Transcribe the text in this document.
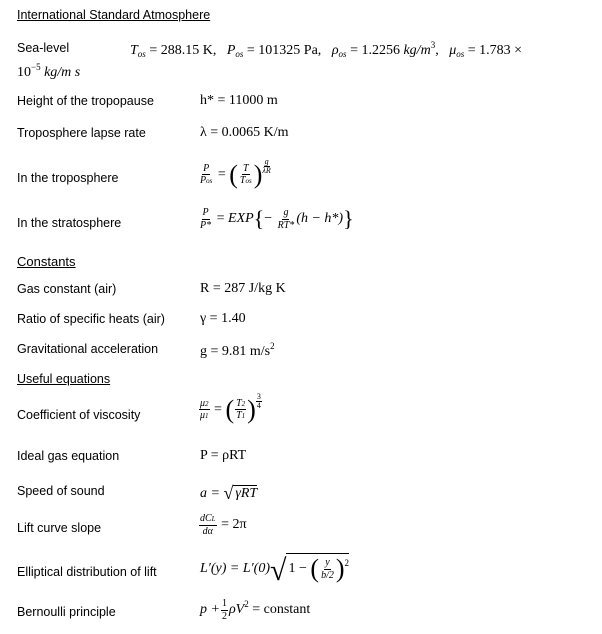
International Standard Atmosphere
Sea-level	$T_{os} = 288.15$ K, $P_{os} = 101325$ Pa, $\rho_{os} = 1.2256$ $kg/m^3$,   $\mu_{os} = 1.783$ ×
$10^{-5}$ kg/m s
Height of the tropopause	h* = 11000 m
Troposphere lapse rate	λ = 0.0065 K/m
In the troposphere	$\frac{P}{\text{Pos}}$ = ( $\frac{T}{\text{Tos}}$ ) $\frac{g}{\lambda R}$
In the stratosphere	$\frac{P}{P*} = EXP\{- \frac{g}{RT*} (h - h*)\}$
Constants
Gas constant (air)	R = 287 J/kg K
Ratio of specific heats (air)	γ = 1.40
Gravitational acceleration	g = 9.81 $m/s^2$
Useful equations
Coefficient of viscosity	$\frac{\mu 2}{\mu 1}$ = ( $\frac{T2}{T1}$ ) $\frac{3}{4}$
Ideal gas equation	P = ρRT
Speed of sound	a = √ γRT
Lift curve slope	$\frac{\text{dCL}}{d\alpha} = 2\pi$
Elliptical distribution of lift	L′(y) = L′(0)√ 1 − ( $\frac{y}{b/2} )^2$
Bernoulli principle	$p + \frac{1}{2} \rho V^2$ = constant
